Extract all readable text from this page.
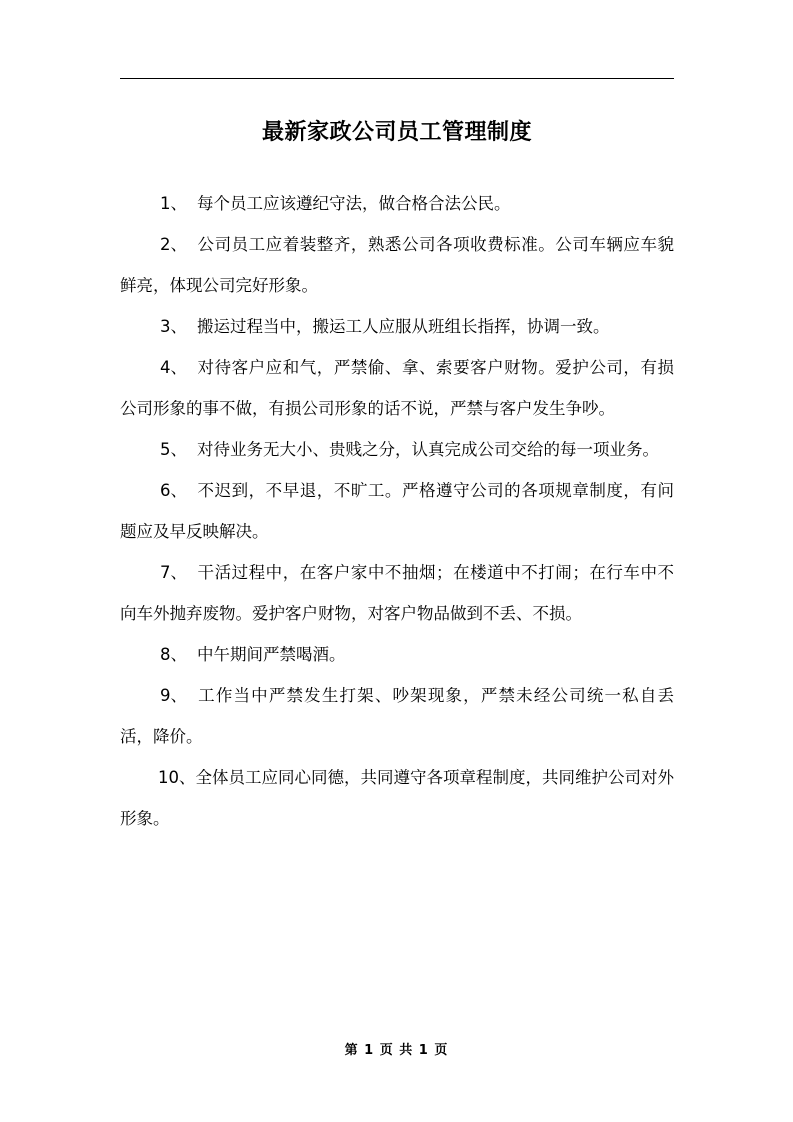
最新家政公司员工管理制度

1、 每个员工应该遵纪守法，做合格合法公民。

2、 公司员工应着装整齐，熟悉公司各项收费标准。公司车辆应车貌鲜亮，体现公司完好形象。

3、 搬运过程当中，搬运工人应服从班组长指挥，协调一致。

4、 对待客户应和气，严禁偷、拿、索要客户财物。爱护公司，有损公司形象的事不做，有损公司形象的话不说，严禁与客户发生争吵。

5、 对待业务无大小、贵贱之分，认真完成公司交给的每一项业务。

6、 不迟到，不早退，不旷工。严格遵守公司的各项规章制度，有问题应及早反映解决。

7、 干活过程中，在客户家中不抽烟；在楼道中不打闹；在行车中不向车外抛弃废物。爱护客户财物，对客户物品做到不丢、不损。

8、 中午期间严禁喝酒。

9、 工作当中严禁发生打架、吵架现象，严禁未经公司统一私自丢活，降价。

10、全体员工应同心同德，共同遵守各项章程制度，共同维护公司对外形象。

第 1 页 共 1 页
